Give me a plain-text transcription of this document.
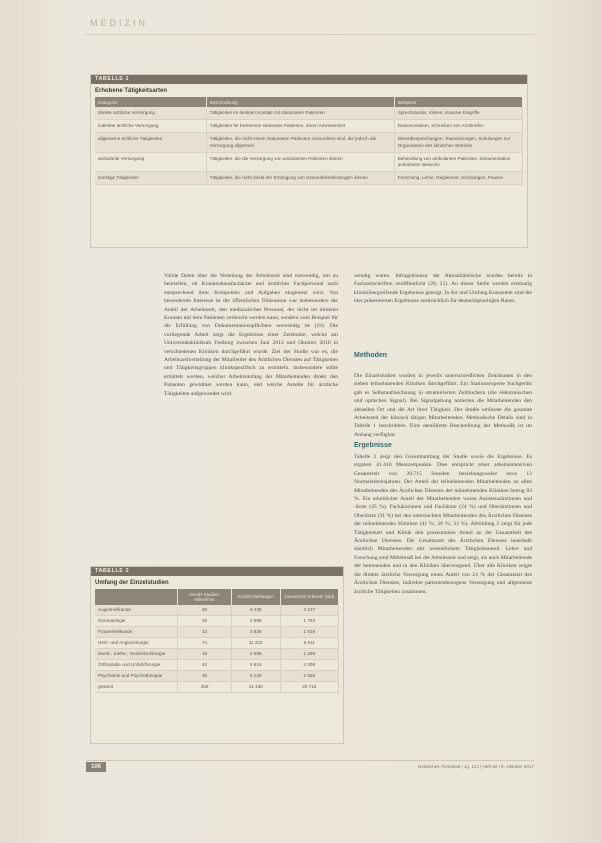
MEDIZIN
TABELLE 1
Erhobene Tätigkeitsarten
Kategorie	Beschreibung	Beispiele
direkte ärztliche Versorgung	Tätigkeiten im direkten Kontakt mit stationären Patienten	Sprechstunde, Visiten, invasive Eingriffe
indirekte ärztliche Versorgung	Tätigkeiten für bestimmte stationäre Patienten, deren Anwesenheit	Dokumentation, Schreiben von Arztbriefen
allgemeine ärztliche Tätigkeiten	Tätigkeiten, die nicht einem stationären Patienten zuzuordnen sind, die jedoch die Versorgung allgemein	Dienstbesprechungen, Teamsitzungen, Schulungen zur Organisation des klinischen Betriebs
ambulante Versorgung	Tätigkeiten, die die Versorgung von ambulanten Patienten dienen	Behandlung von ambulanten Patienten, Dokumentation ambulanter Besuche
sonstige Tätigkeiten	Tätigkeiten, die nicht direkt der Erbringung von Gesundheitsleistungen dienen	Forschung, Lehre, Reglement, Schulungen, Pausen
Valide Daten über die Verteilung der Arbeitszeit sind notwendig, um zu beurteilen, ob Krankenhausfachärzte und ärztliches Fachpersonal nach entsprechend ihrer Kompetenz und Aufgaben eingesetzt wird. Von besonderem Interesse ist der öffentlichen Diskussion war insbesondere der Anteil der Arbeitszeit, den medizinisches Personal, der nicht im direkten Kontakt mit dem Patienten verbracht werden kann, sondern zum Beispiel für die Erfüllung von Dokumentationspflichten notwendig ist (19). Die vorliegende Arbeit zeigt die Ergebnisse einer Zeitstudie, welche am Universitätsklinikum Freiburg zwischen Juni 2013 und Oktober 2016 in verschiedenen Kliniken durchgeführt wurde. Ziel der Studie war es, die Arbeitszeitverteilung der Mitarbeiter des Ärztlichen Dienstes auf Tätigkeiten und Tätigkeitsgruppen klinikspezifisch zu ermitteln. insbesondere sollte ermittelt werden, welcher Arbeitsumfang der Mitarbeitenden direkt den Patienten gewidmet werden kann, und welche Anteile für ärztliche Tätigkeiten aufgewendet wird.
wendig waren. Infrageklausur der Aktualitätslücke wurden bereits in Fachzeitschriften veröffentlicht (20, 21). An dieser Stelle werden erstmalig klinikübergreifende Ergebnisse gezeigt. In Art und Umfang Konsistent sind die hier präsentierten Ergebnisse ausdrücklich für deutschsprachigen Raum.
Methoden
Die Einzelstudien wurden in jeweils unterschiedlichen Zeiträumen in den sieben teilnehmenden Kliniken durchgeführt. Ein Stationsexperte Suchgerüst gab es Selbstaufzeichnung in strukturierten Zeitbuchern (die elektronischen und optischen Signal). Bei Signalgebung notierten die Mitarbeitenden den aktuellen Ort und die Art ihrer Tätigkeit. Der Studie umfasste die gesamte Arbeitszeit der klinisch tätigen Mitarbeitenden. Methodische Details sind in Tabelle 1 beschrieben. Eine detaillierte Beschreibung der Methodik ist im Anhang verfügbar.
Ergebnisse
Tabelle 2 zeigt den Gesamtumfang der Studie sowie die Ergebnisse. Es ergaben 41.410 Messzeitpunkte. Dies entspricht einer arbeitsintensiven Gesamtzeit von 20.715 Stunden beziehungsweise etwa 12 Normalarbeitsjahren. Der Anteil der teilnehmenden Mitarbeitenden an allen Mitarbeitenden des Ärztlichen Dienstes der teilnehmenden Kliniken betrug 82 %. Ein erheblicher Anteil der Mitarbeitenden waren Assistenzärztinnen und -ärzte (45 %). Fachärztinnen und Fachärzte (24 %) und Oberärztinnen und Oberärzte (31 %) bei den untersuchten Mitarbeitenden des Ärztlichen Dienstes der teilnehmenden Kliniken (41 %; 26 %; 33 %). Abbildung 2 zeigt für jede Tätigkeitsart und Klinik den prozentualen Anteil an der Gesamtheit des Ärztlichen Dienstes. Die Gesamtzeit des Ärztlichen Dienstes innerhalb sämtlich Mitarbeitenden mit wesentlichem Tätigkeitsanteil. Lehre und Forschung sind Mittelmaß bei der Arbeitszeit und zeigt, als auch Mitarbeitende der betreuenden und in den Kliniken überwiegend. Über alle Kliniken zeigte die direkte ärztliche Versorgung einen Anteil von 24 % der Gesamtzeit des Ärztlichen Dienstes, indirekte patientenbezogene Versorgung und allgemeine ärztliche Tätigkeiten zusammen.
TABELLE 2
Umfang der Einzelstudien
	Anzahl Studien-teilnehmer	Anzahl Meldungen	Gesamtzeit erfasste (Std)
Augenheilkunde	36	6 435	3 217
Dermatologie	25	3 586	1 793
Frauenheilkunde	32	3 838	1 919
Herz- und Angiochirurgie	74	11 223	5 611
Mund-, Kiefer-, Gesichtschirurgie	15	2 598	1 299
Orthopädie und Unfallchirurgie	42	8 616	4 308
Psychiatrie und Psychotherapie	35	5 130	2 565
gesamt	259	41 430	20 715
106	Deutsches Ärzteblatt | Jg. 114 | Heft 40 | 6. Oktober 2017
